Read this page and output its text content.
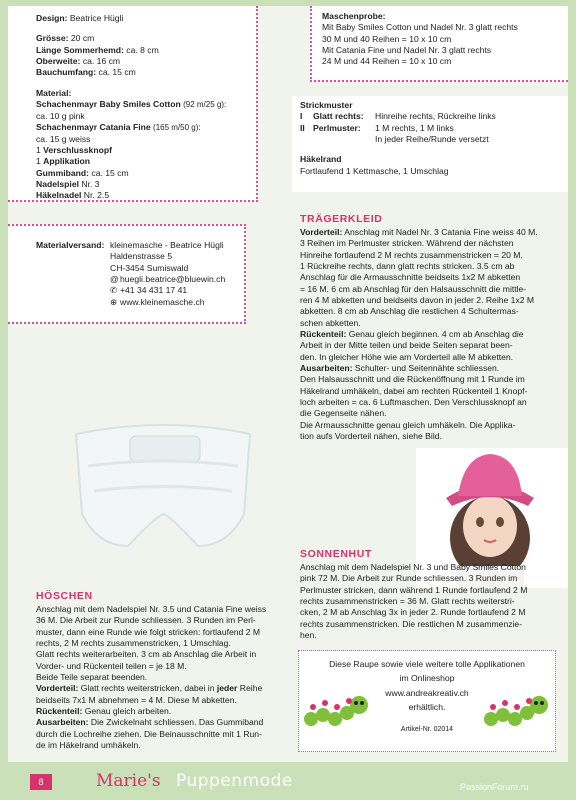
Design: Beatrice Hügli
Grösse: 20 cm
Länge Sommerhemd: ca. 8 cm
Oberweite: ca. 16 cm
Bauchumfang: ca. 15 cm
Material:
Schachenmayr Baby Smiles Cotton (92 m/25 g):
ca. 10 g pink
Schachenmayr Catania Fine (165 m/50 g):
ca. 15 g weiss
1 Verschlussknopf
1 Applikation
Gummiband: ca. 15 cm
Nadelspiel Nr. 3
Häkelnadel Nr. 2.5
Maschenprobe:
Mit Baby Smiles Cotton und Nadel Nr. 3 glatt rechts
30 M und 40 Reihen = 10 x 10 cm
Mit Catania Fine und Nadel Nr. 3 glatt rechts
24 M und 44 Reihen = 10 x 10 cm
Strickmuster
I	Glatt rechts:	Hinreihe rechts, Rückreihe links
II Perlmuster:	1 M rechts, 1 M links
In jeder Reihe/Runde versetzt
Häkelrand
Fortlaufend 1 Kettmasche, 1 Umschlag
Materialversand: kleinemasche - Beatrice Hügli
Haldenstrasse 5
CH-3454 Sumiswald
@huegli.beatrice@bluewin.ch
✆ +41 34 431 17 41
⊕ www.kleinemasche.ch
TRÄGERKLEID
Vorderteil: Anschlag mit Nadel Nr. 3 Catania Fine weiss 40 M.
3 Reihen im Perlmuster stricken. Während der nächsten
Hinreihe fortlaufend 2 M rechts zusammenstricken = 20 M.
1 Rückreihe rechts, dann glatt rechts stricken. 3.5 cm ab
Anschlag für die Armausschnitte beidseits 1x2 M abketten
= 16 M. 6 cm ab Anschlag für den Halsausschnitt die mittle-
ren 4 M abketten und beidseits davon in jeder 2. Reihe 1x2 M
abketten. 8 cm ab Anschlag die restlichen 4 Schultermas-
schen abketten.
Rückenteil: Genau gleich beginnen. 4 cm ab Anschlag die
Arbeit in der Mitte teilen und beide Seiten separat been-
den. In gleicher Höhe wie am Vorderteil alle M abketten.
Ausarbeiten: Schulter- und Seitennähte schliessen.
Den Halsausschnitt und die Rückenöffnung mit 1 Runde im
Häkelrand umhäkeln, dabei am rechten Rückenteil 1 Knopf-
loch arbeiten = ca. 6 Luftmaschen. Den Verschlussknopf an
die Gegenseite nähen.
Die Armausschnitte genau gleich umhäkeln. Die Applika-
tion aufs Vorderteil nähen, siehe Bild.
SONNENHUT
Anschlag mit dem Nadelspiel Nr. 3 und Baby Smiles Cotton
pink 72 M. Die Arbeit zur Runde schliessen. 3 Runden im
Perlmuster stricken, dann während 1 Runde fortlaufend 2 M
rechts zusammenstricken = 36 M. Glatt rechts weiterstri-
cken, 2 M ab Anschlag 3x in jeder 2. Runde fortlaufend 2 M
rechts zusammenstricken. Die restlichen M zusammenzie-
hen.
HÖSCHEN
Anschlag mit dem Nadelspiel Nr. 3.5 und Catania Fine weiss
36 M. Die Arbeit zur Runde schliessen. 3 Runden im Perl-
muster, dann eine Runde wie folgt stricken: fortlaufend 2 M
rechts, 2 M rechts zusammenstricken, 1 Umschlag.
Glatt rechts weiterarbeiten. 3 cm ab Anschlag die Arbeit in
Vorder- und Rückenteil teilen = je 18 M.
Beide Teile separat beenden.
Vorderteil: Glatt rechts weiterstricken, dabei in jeder Reihe
beidseits 7x1 M abnehmen = 4 M. Diese M abketten.
Rückenteil: Genau gleich arbeiten.
Ausarbeiten: Die Zwickelnaht schliessen. Das Gummiband
durch die Lochreihe ziehen. Die Beinausschnitte mit 1 Run-
de im Häkelrand umhäkeln.
Diese Raupe sowie viele weitere tolle Applikationen
im Onlineshop
www.andreakreativ.ch
erhältlich.
Artikel-Nr. 02014
8	Marie's Puppenmode	PassionForum.ru
